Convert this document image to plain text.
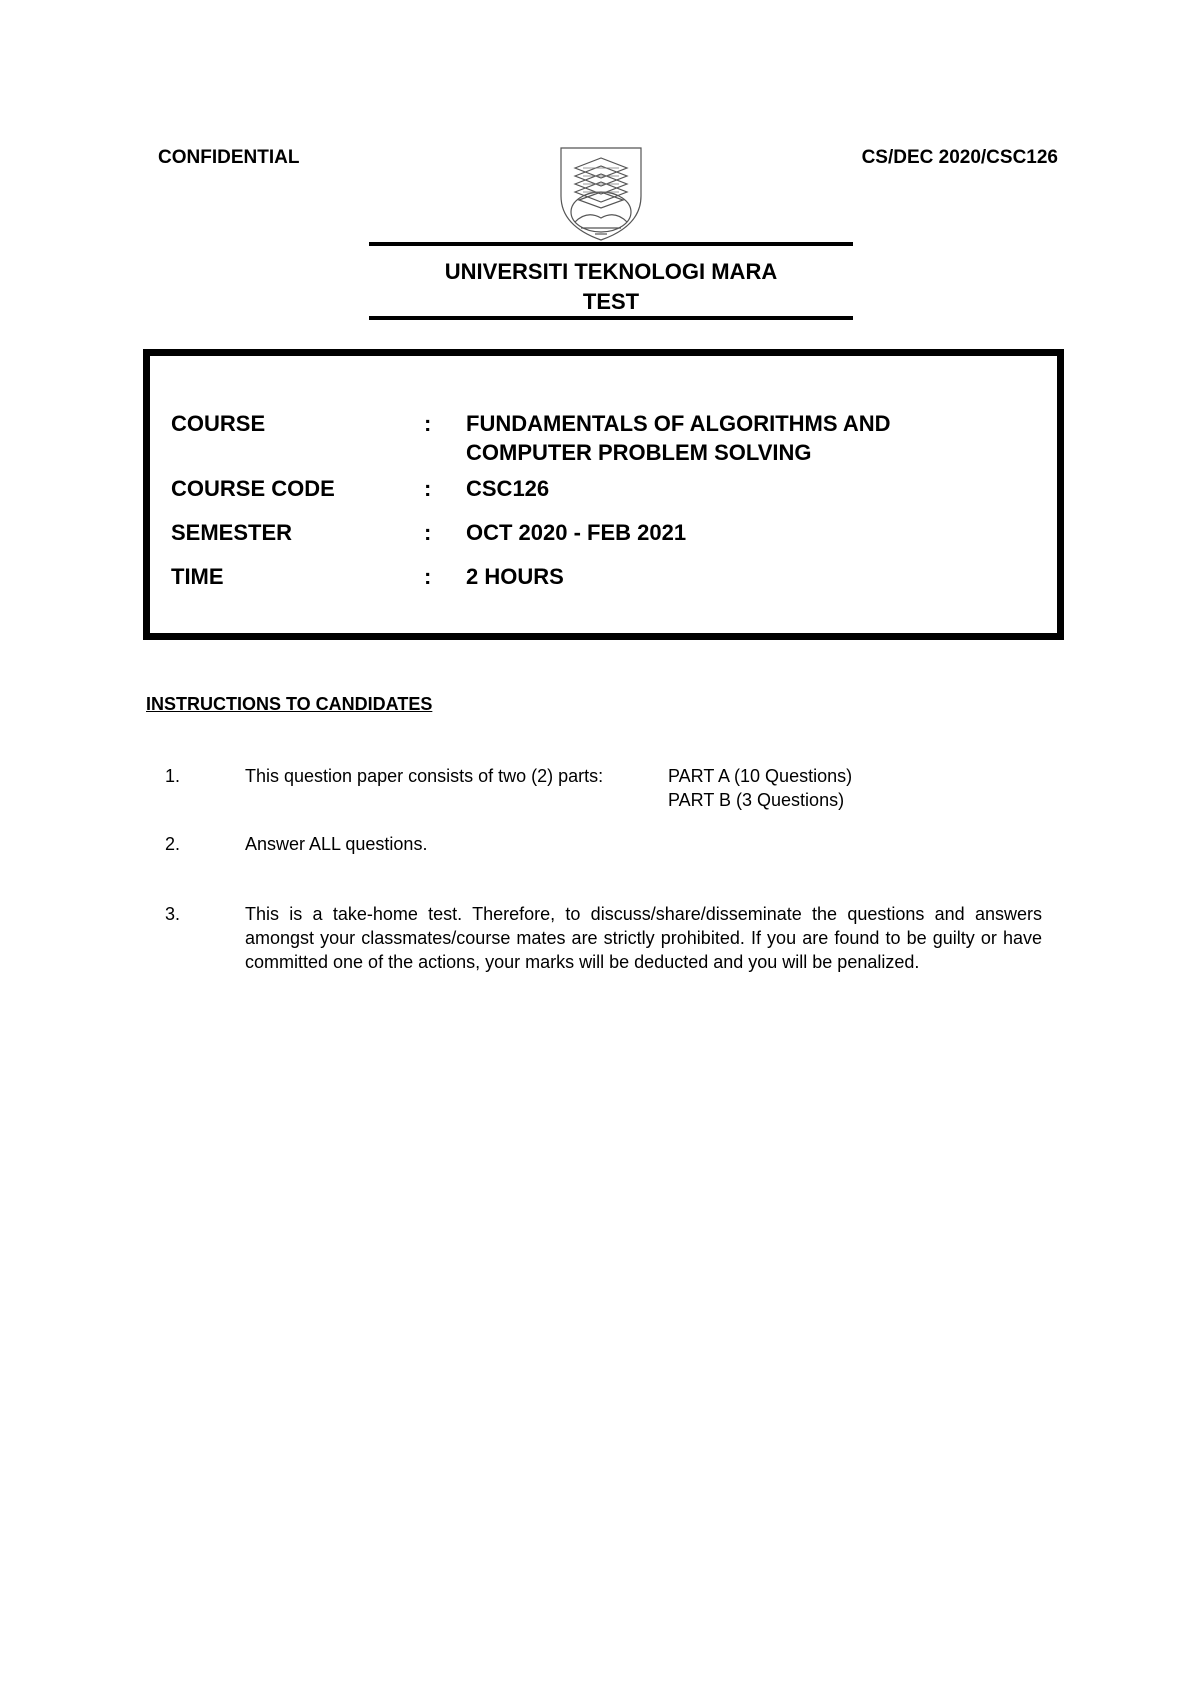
CONFIDENTIAL	CS/DEC 2020/CSC126
UNIVERSITI TEKNOLOGI MARA
TEST
COURSE	: FUNDAMENTALS OF ALGORITHMS AND
COMPUTER PROBLEM SOLVING
COURSE CODE	: CSC126
SEMESTER	: OCT 2020 - FEB 2021
TIME	: 2 HOURS
INSTRUCTIONS TO CANDIDATES
1.	This question paper consists of two (2) parts:	PART A (10 Questions)
PART B (3 Questions)
2.	Answer ALL questions.
3.	This is a take-home test. Therefore, to discuss/share/disseminate the questions and answers amongst your classmates/course mates are strictly prohibited. If you are found to be guilty or have committed one of the actions, your marks will be deducted and you will be penalized.
